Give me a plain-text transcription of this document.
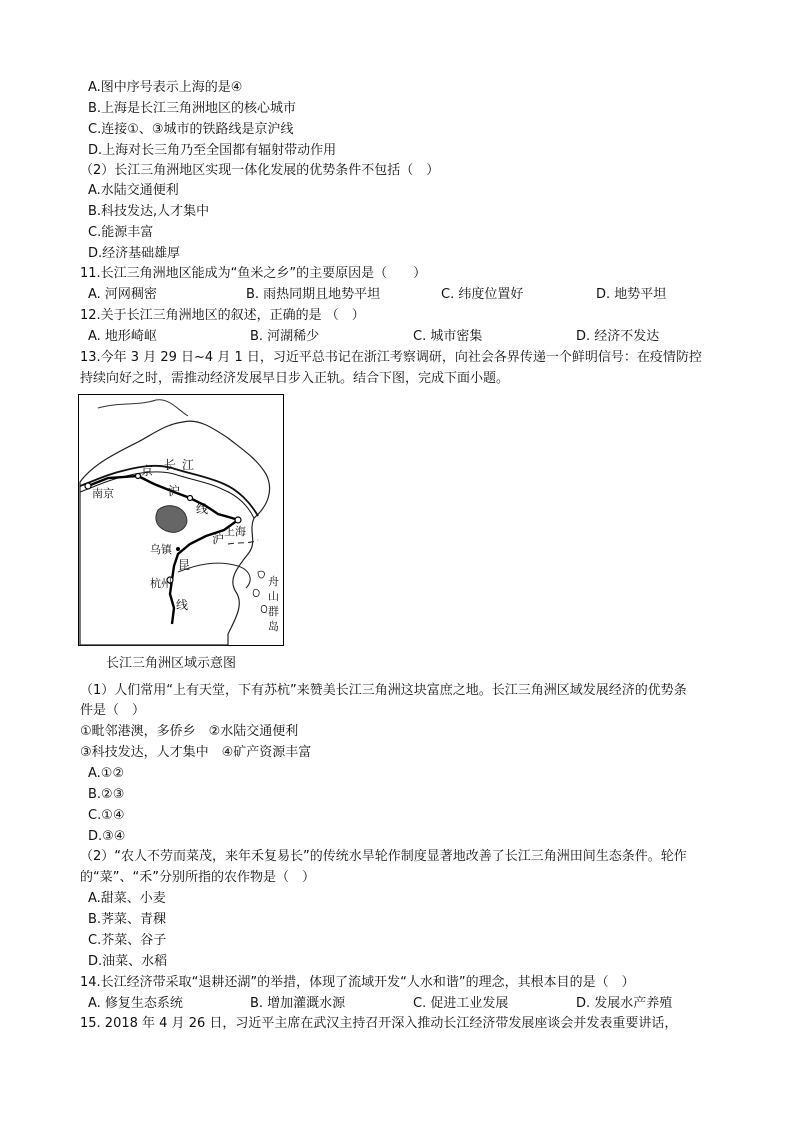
A.图中序号表示上海的是④
B.上海是长江三角洲地区的核心城市
C.连接①、③城市的铁路线是京沪线
D.上海对长三角乃至全国都有辐射带动作用
（2）长江三角洲地区实现一体化发展的优势条件不包括（　）
A.水陆交通便利
B.科技发达,人才集中
C.能源丰富
D.经济基础雄厚
11.长江三角洲地区能成为“鱼米之乡”的主要原因是（　　）
A. 河网稠密	B. 雨热同期且地势平坦	C. 纬度位置好	D. 地势平坦
12.关于长江三角洲地区的叙述，正确的是 （　）
A. 地形崎岖	B. 河湖稀少	C. 城市密集	D. 经济不发达
13.今年 3 月 29 日~4 月 1 日，习近平总书记在浙江考察调研，向社会各界传递一个鲜明信号：在疫情防控
持续向好之时，需推动经济发展早日步入正轨。结合下图，完成下面小题。
南京
京 长 江
沪
线
上海
沪
乌镇
昆
杭州
线
舟
山
群
岛
长江三角洲区域示意图
（1）人们常用“上有天堂，下有苏杭”来赞美长江三角洲这块富庶之地。长江三角洲区域发展经济的优势条
件是（　）
①毗邻港澳，多侨乡　②水陆交通便利
③科技发达，人才集中　④矿产资源丰富
A.①②
B.②③
C.①④
D.③④
（2）“农人不劳而菜茂，来年禾复易长”的传统水旱轮作制度显著地改善了长江三角洲田间生态条件。轮作
的“菜”、“禾”分别所指的农作物是（　）
A.甜菜、小麦
B.荠菜、青稞
C.芥菜、谷子
D.油菜、水稻
14.长江经济带采取“退耕还湖”的举措，体现了流域开发“人水和谐”的理念，其根本目的是（　）
A. 修复生态系统	B. 增加灌溉水源	C. 促进工业发展	D. 发展水产养殖
15. 2018 年 4 月 26 日，习近平主席在武汉主持召开深入推动长江经济带发展座谈会并发表重要讲话，
